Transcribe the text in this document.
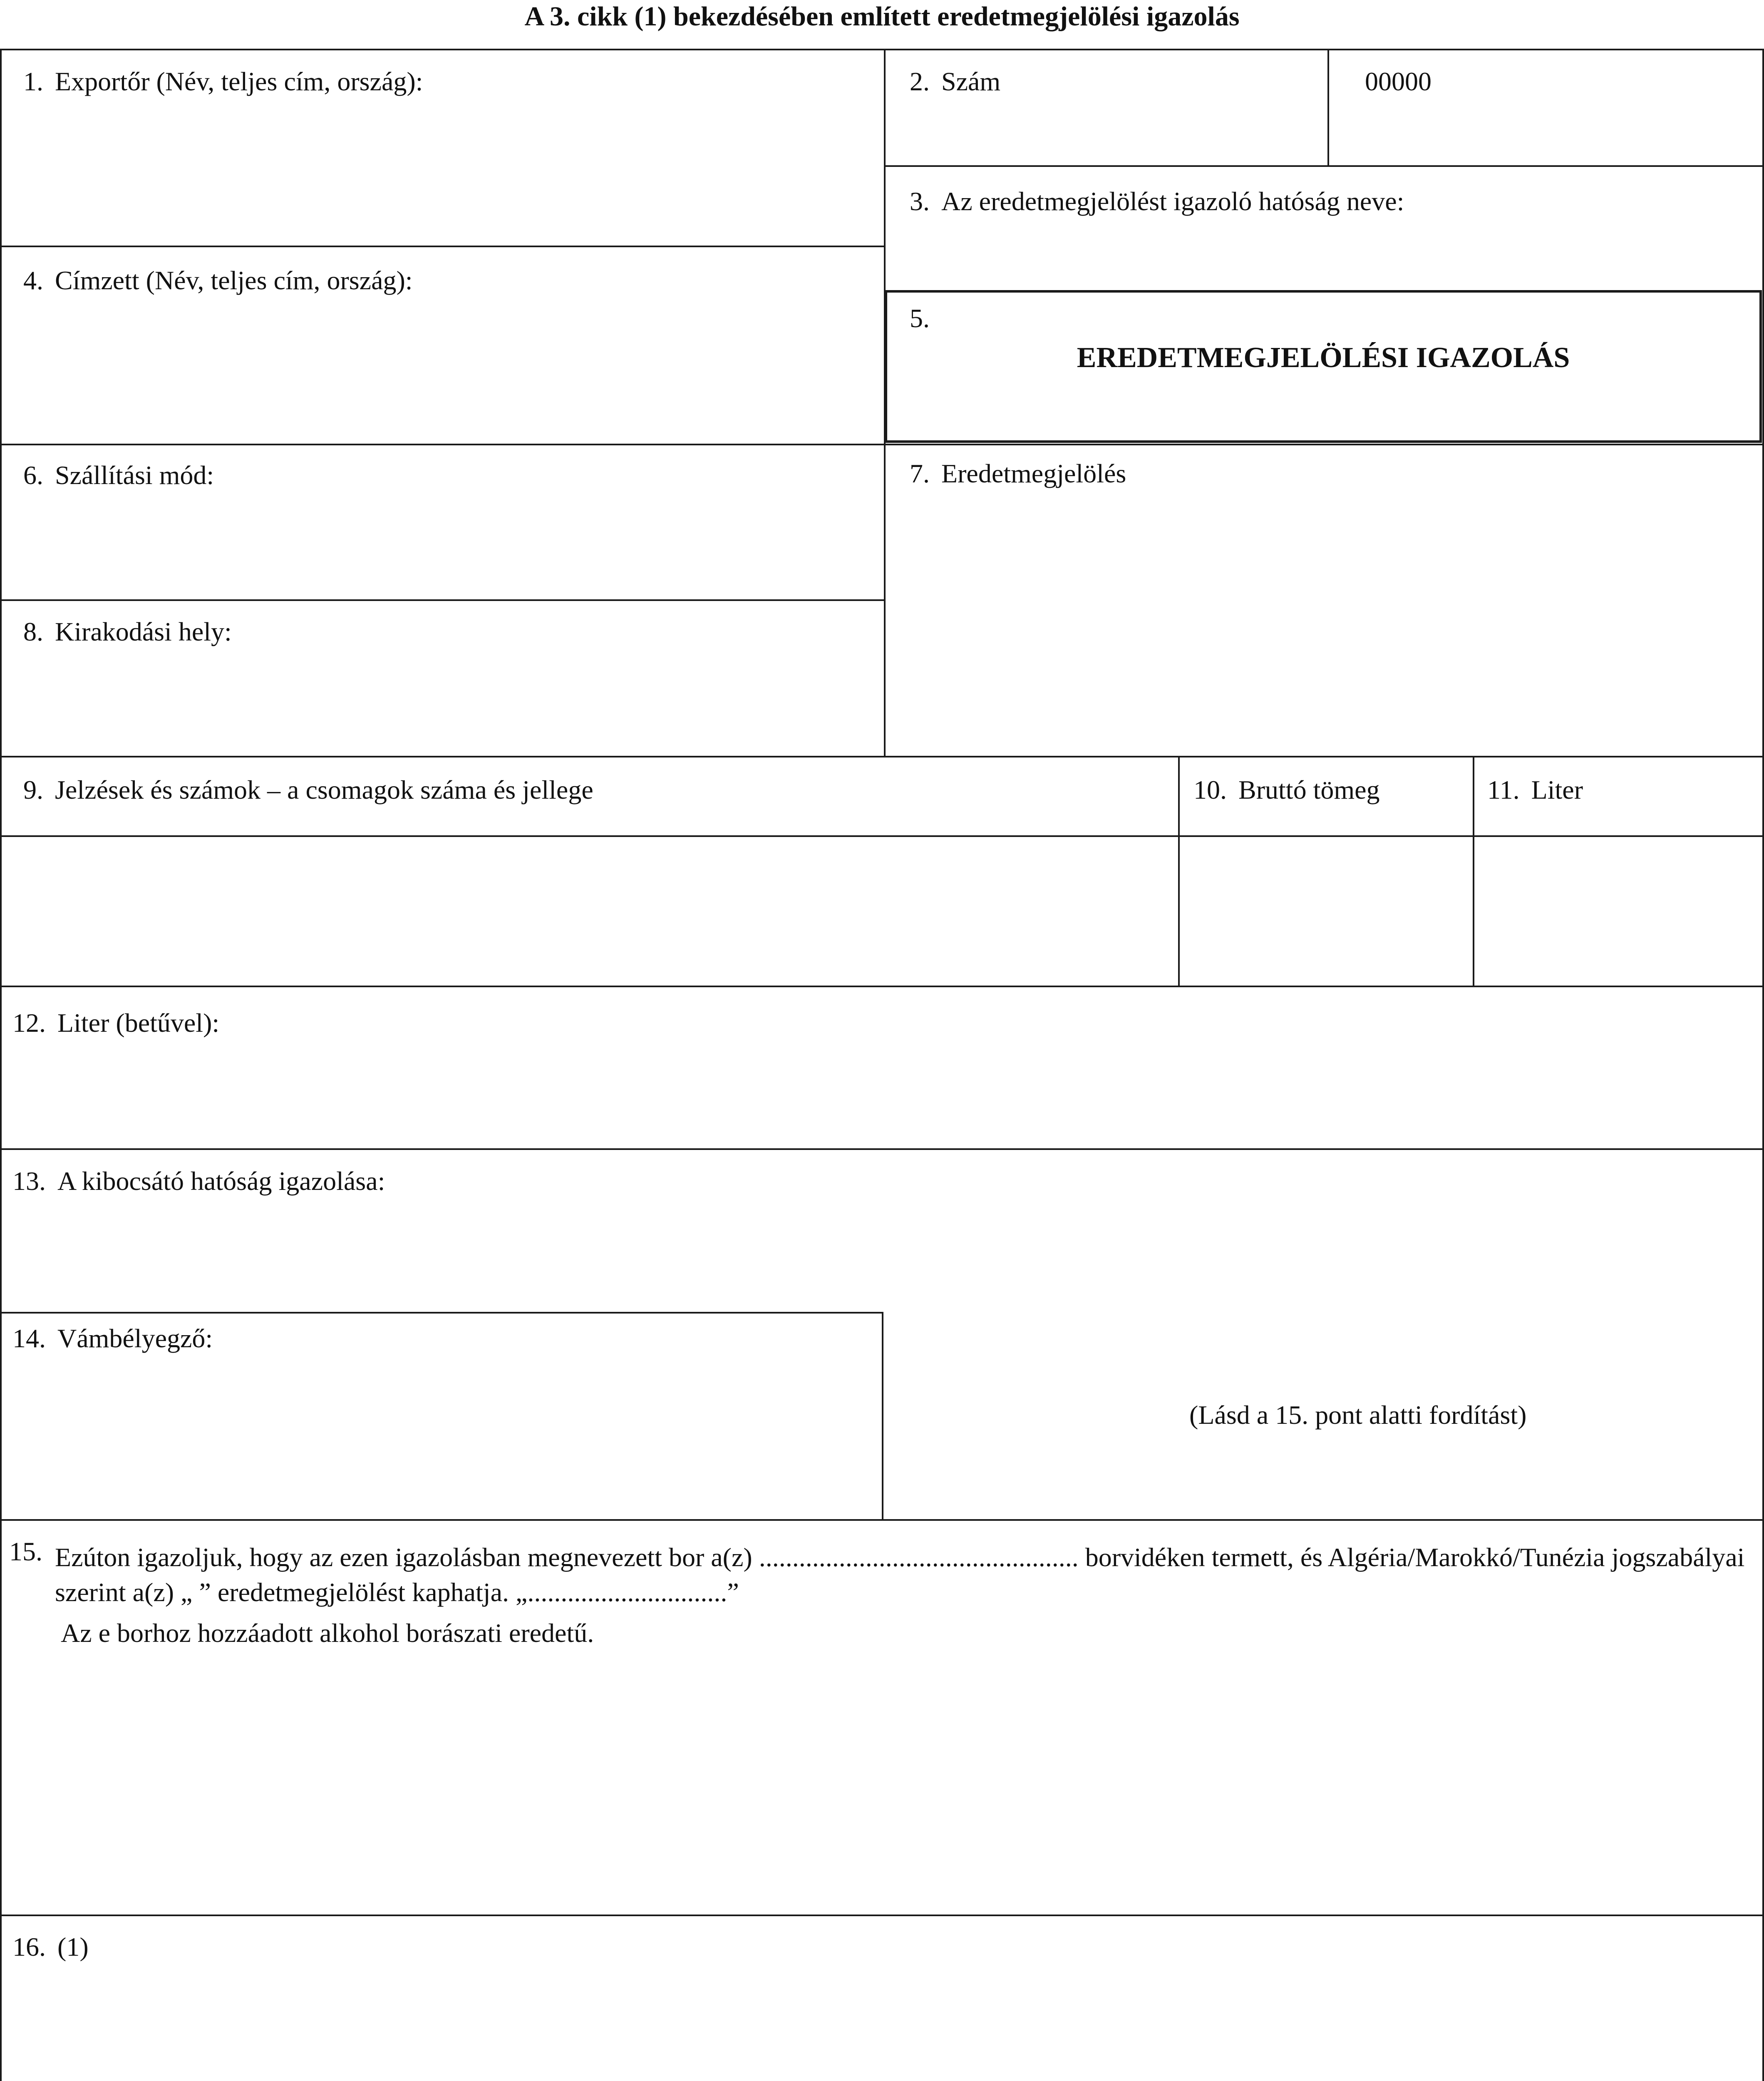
A 3. cikk (1) bekezdésében említett eredetmegjelölési igazolás
1. Exportőr (Név, teljes cím, ország):	2. Szám	00000
3. Az eredetmegjelölést igazoló hatóság neve:
4. Címzett (Név, teljes cím, ország):
5.
EREDETMEGJELÖLÉSI IGAZOLÁS
6. Szállítási mód:	7. Eredetmegjelölés
8. Kirakodási hely:
9. Jelzések és számok – a csomagok száma és jellege	10. Bruttó tömeg	11. Liter
12. Liter (betűvel):
13. A kibocsátó hatóság igazolása:
14. Vámbélyegző:
(Lásd a 15. pont alatti fordítást)
15. Ezúton igazoljuk, hogy az ezen igazolásban megnevezett bor a(z) ................................................ borvidéken termett, és Algéria/Marokkó/Tunézia jogszabályai
szerint a(z) „ ” eredetmegjelölést kaphatja. „..............................”
Az e borhoz hozzáadott alkohol borászati eredetű.
16. (1)
